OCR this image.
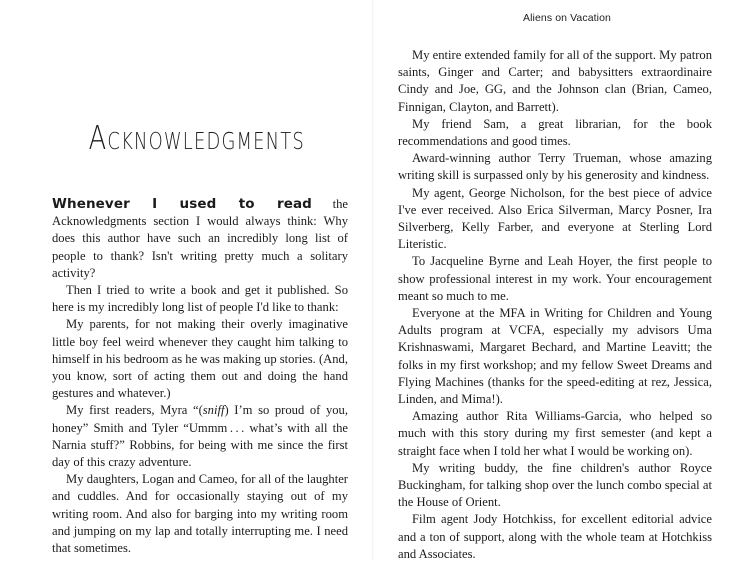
Aliens on Vacation
Acknowledgments

Whenever I used to read the Acknowledgments section I would always think: Why does this author have such an incredibly long list of people to thank? Isn't writing pretty much a solitary activity?

Then I tried to write a book and get it published. So here is my incredibly long list of people I'd like to thank:

My parents, for not making their overly imaginative little boy feel weird whenever they caught him talking to himself in his bedroom as he was making up stories. (And, you know, sort of acting them out and doing the hand gestures and whatever.)

My first readers, Myra “(sniff) I’m so proud of you, honey” Smith and Tyler “Ummm . . . what’s with all the Narnia stuff?” Robbins, for being with me since the first day of this crazy adventure.

My daughters, Logan and Cameo, for all of the laughter and cuddles. And for occasionally staying out of my writing room. And also for barging into my writing room and jumping on my lap and totally interrupting me. I need that sometimes.

My entire extended family for all of the support. My patron saints, Ginger and Carter; and babysitters extraordinaire Cindy and Joe, GG, and the Johnson clan (Brian, Cameo, Finnigan, Clayton, and Barrett).

My friend Sam, a great librarian, for the book recommendations and good times.

Award-winning author Terry Trueman, whose amazing writing skill is surpassed only by his generosity and kindness.

My agent, George Nicholson, for the best piece of advice I've ever received. Also Erica Silverman, Marcy Posner, Ira Silverberg, Kelly Farber, and everyone at Sterling Lord Literistic.

To Jacqueline Byrne and Leah Hoyer, the first people to show professional interest in my work. Your encouragement meant so much to me.

Everyone at the MFA in Writing for Children and Young Adults program at VCFA, especially my advisors Uma Krishnaswami, Margaret Bechard, and Martine Leavitt; the folks in my first workshop; and my fellow Sweet Dreams and Flying Machines (thanks for the speed-editing at rez, Jessica, Linden, and Mima!).

Amazing author Rita Williams-Garcia, who helped so much with this story during my first semester (and kept a straight face when I told her what I would be working on).

My writing buddy, the fine children's author Royce Buckingham, for talking shop over the lunch combo special at the House of Orient.

Film agent Jody Hotchkiss, for excellent editorial advice and a ton of support, along with the whole team at Hotchkiss and Associates.
